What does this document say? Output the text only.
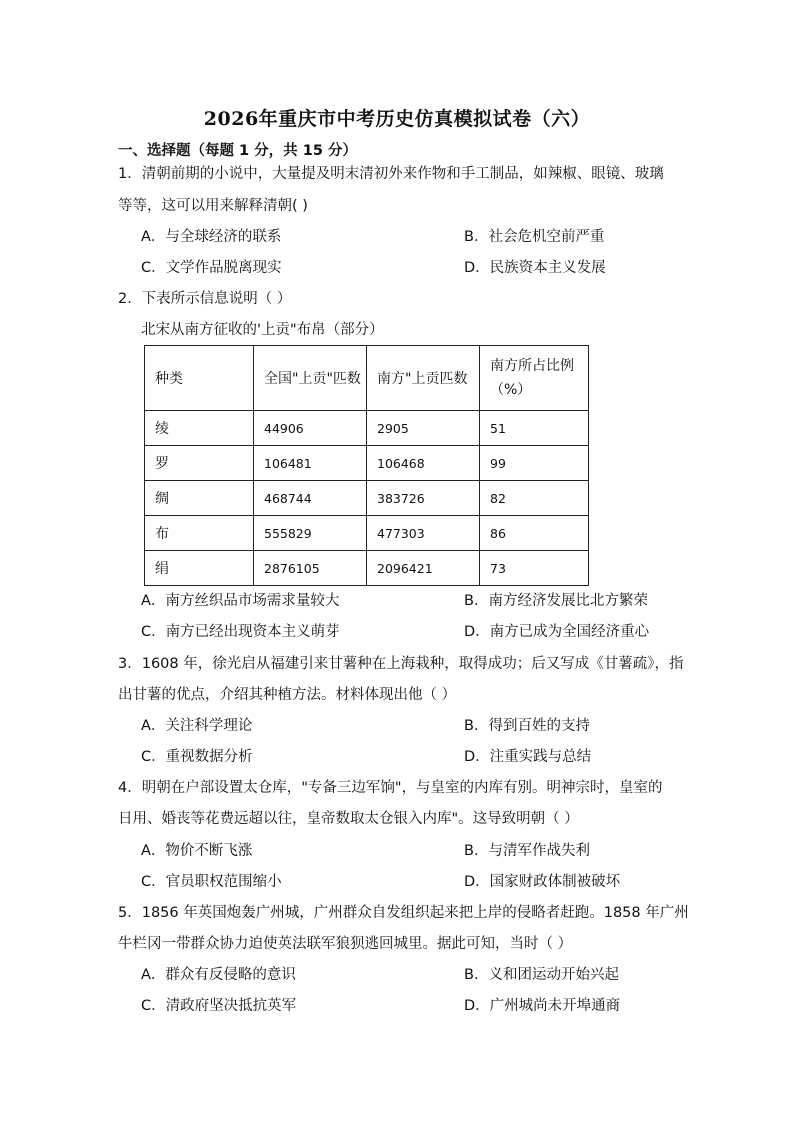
2026年重庆市中考历史仿真模拟试卷（六）
一、选择题（每题 1 分，共 15 分）
1．清朝前期的小说中，大量提及明末清初外来作物和手工制品，如辣椒、眼镜、玻璃
等等，这可以用来解释清朝( )
A．与全球经济的联系	B．社会危机空前严重
C．文学作品脱离现实	D．民族资本主义发展
2．下表所示信息说明（ ）
北宋从南方征收的'上贡"布帛（部分）
种类	全国"上贡"匹数	南方"上贡匹数	南方所占比例
（%）

绫	44906	2905	51
罗	106481	106468	99
绸	468744	383726	82
布	555829	477303	86
绢	2876105	2096421	73
A．南方丝织品市场需求量较大	B．南方经济发展比北方繁荣
C．南方已经出现资本主义萌芽	D．南方已成为全国经济重心
3．1608 年，徐光启从福建引来甘薯种在上海栽种，取得成功；后又写成《甘薯疏》，指
出甘薯的优点，介绍其种植方法。材料体现出他（ ）
A．关注科学理论	B．得到百姓的支持
C．重视数据分析	D．注重实践与总结
4．明朝在户部设置太仓库，"专备三边军饷"，与皇室的内库有别。明神宗时，皇室的
日用、婚丧等花费远超以往，皇帝数取太仓银入内库"。这导致明朝（ ）
A．物价不断飞涨	B．与清军作战失利
C．官员职权范围缩小	D．国家财政体制被破坏
5．1856 年英国炮轰广州城，广州群众自发组织起来把上岸的侵略者赶跑。1858 年广州
牛栏冈一带群众协力迫使英法联军狼狈逃回城里。据此可知，当时（ ）
A．群众有反侵略的意识	B．义和团运动开始兴起
C．清政府坚决抵抗英军	D．广州城尚未开埠通商
